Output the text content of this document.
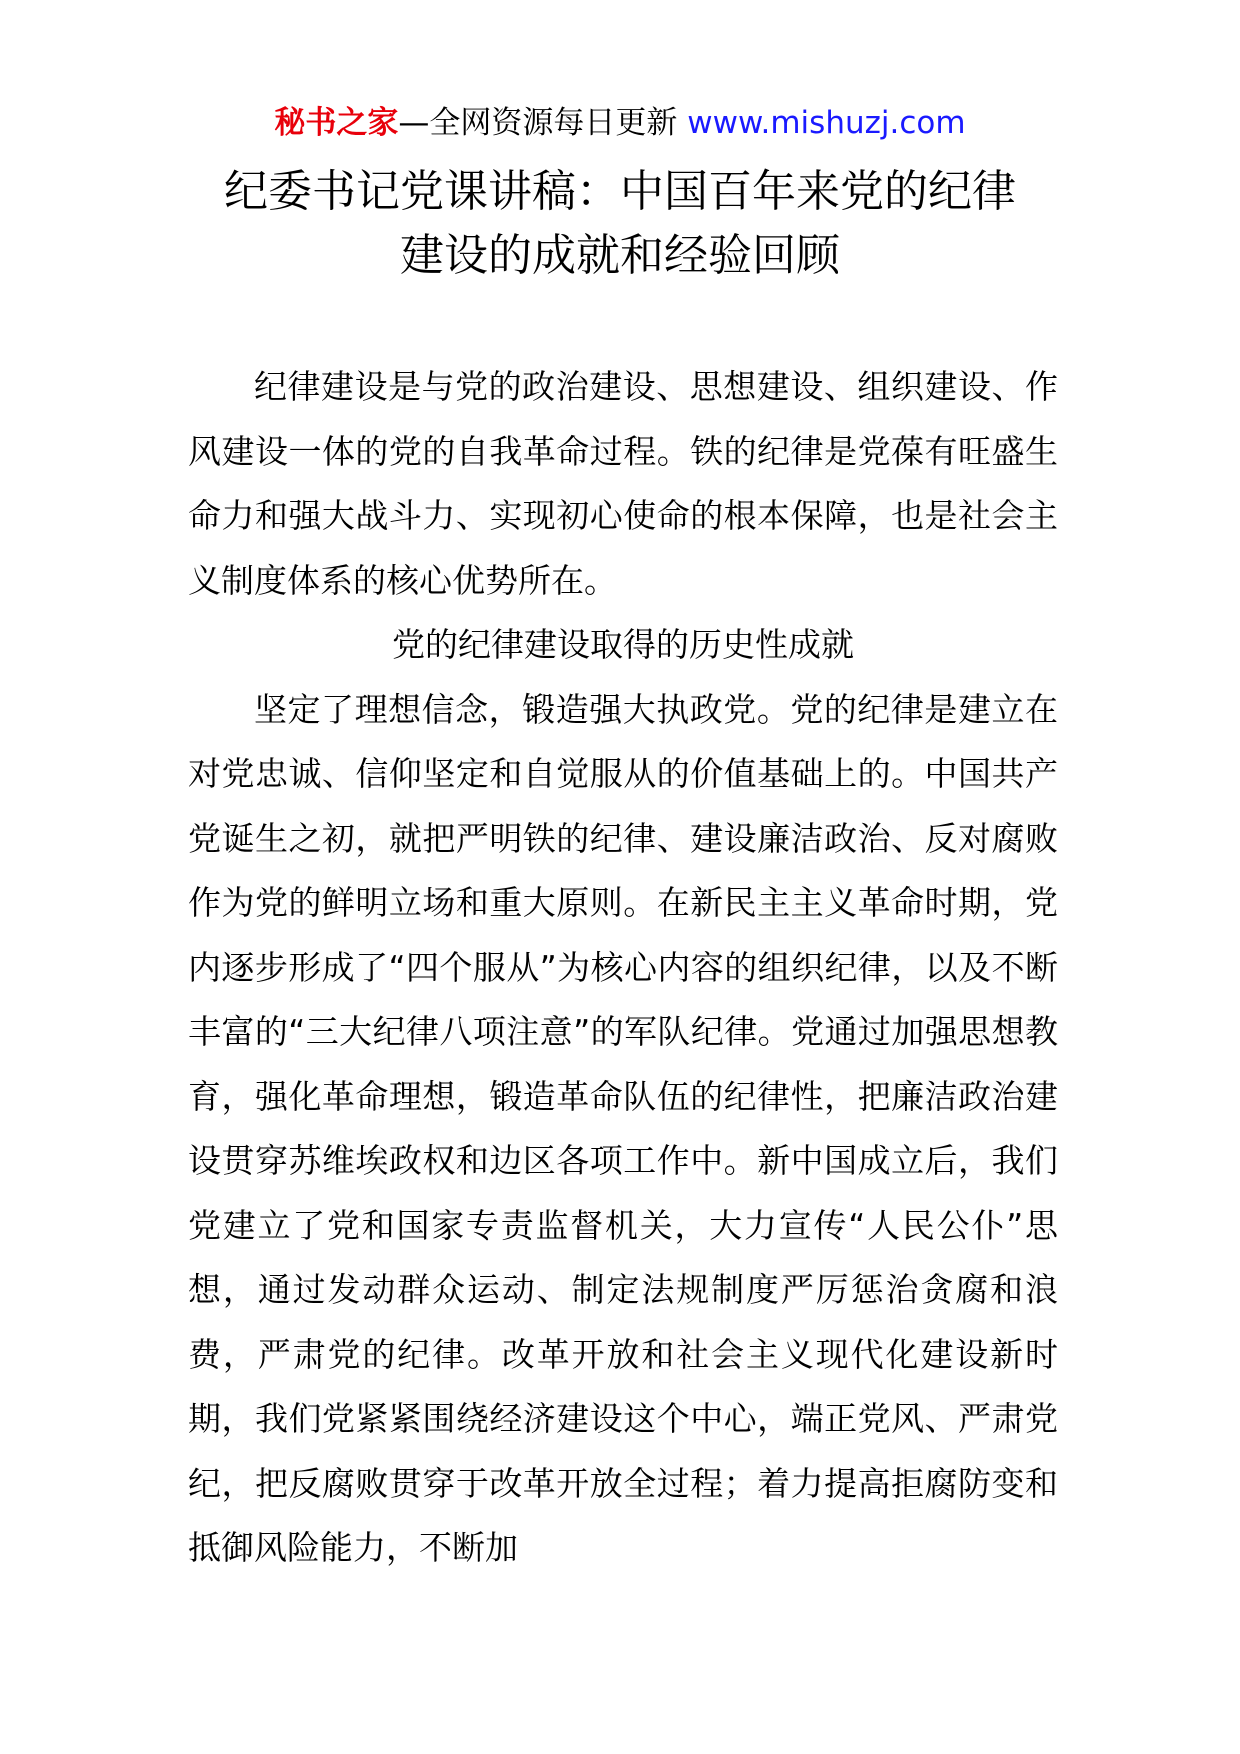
秘书之家—全网资源每日更新 www.mishuzj.com
纪委书记党课讲稿：中国百年来党的纪律
建设的成就和经验回顾

纪律建设是与党的政治建设、思想建设、组织建设、作风建设一体的党的自我革命过程。铁的纪律是党葆有旺盛生命力和强大战斗力、实现初心使命的根本保障，也是社会主义制度体系的核心优势所在。

党的纪律建设取得的历史性成就

坚定了理想信念，锻造强大执政党。党的纪律是建立在对党忠诚、信仰坚定和自觉服从的价值基础上的。中国共产党诞生之初，就把严明铁的纪律、建设廉洁政治、反对腐败作为党的鲜明立场和重大原则。在新民主主义革命时期，党内逐步形成了“四个服从”为核心内容的组织纪律，以及不断丰富的“三大纪律八项注意”的军队纪律。党通过加强思想教育，强化革命理想，锻造革命队伍的纪律性，把廉洁政治建设贯穿苏维埃政权和边区各项工作中。新中国成立后，我们党建立了党和国家专责监督机关，大力宣传“人民公仆”思想，通过发动群众运动、制定法规制度严厉惩治贪腐和浪费，严肃党的纪律。改革开放和社会主义现代化建设新时期，我们党紧紧围绕经济建设这个中心，端正党风、严肃党纪，把反腐败贯穿于改革开放全过程；着力提高拒腐防变和抵御风险能力，不断加
